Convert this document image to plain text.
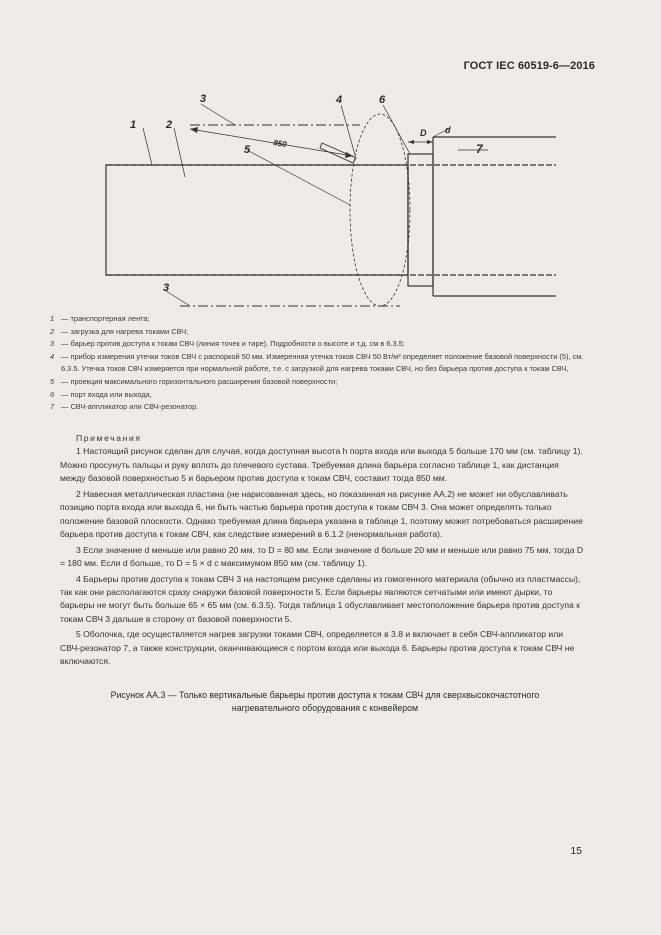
ГОСТ IEC 60519-6—2016
1	2
3	4
5
6
7
3
850
D d
1 — транспортерная лента;
2 — загрузка для нагрева токами СВЧ;
3 — барьер против доступа к токам СВЧ (линия точек и тире). Подробности о высоте и т.д. см в 6.3.5;
4 — прибор измерения утечки токов СВЧ с распоркой 50 мм. Измеренная утечка токов СВЧ 50 Вт/м² определяет положение базовой поверхности (5), см. 6.3.5. Утечка токов СВЧ измеряется при нормальной работе, т.е. с загрузкой для нагрева токами СВЧ, но без барьера против доступа к токам СВЧ,
5 — проекция максимального горизонтального расширения базовой поверхности;
6 — порт входа или выхода,
7 — СВЧ-аппликатор или СВЧ-резонатор.
Примечания

1 Настоящий рисунок сделан для случая, когда доступная высота h порта входа или выхода 5 больше 170 мм (см. таблицу 1). Можно просунуть пальцы и руку вплоть до плечевого сустава. Требуемая длина барьера согласно таблице 1, как дистанция между базовой поверхностью 5 и барьером против доступа к токам СВЧ, составит тогда 850 мм.

2 Навесная металлическая пластина (не нарисованная здесь, но показанная на рисунке АА.2) не может ни обуславливать позицию порта входа или выхода 6, ни быть частью барьера против доступа к токам СВЧ 3. Она может определять только положение базовой плоскости. Однако требуемая длина барьера указана в таблице 1, поэтому может потребоваться расширение барьера против доступа к токам СВЧ, как следствие измерений в 6.1.2 (ненормальная работа).

3 Если значение d меньше или равно 20 мм, то D = 80 мм. Если значение d больше 20 мм и меньше или равно 75 мм, тогда D = 180 мм. Если d больше, то D = 5 × d с максимумом 850 мм (см. таблицу 1).

4 Барьеры против доступа к токам СВЧ 3 на настоящем рисунке сделаны из гомогенного материала (обычно из пластмассы), так как они располагаются сразу снаружи базовой поверхности 5. Если барьеры являются сетчатыми или имеют дырки, то барьеры не могут быть больше 65 × 65 мм (см. 6.3.5). Тогда таблица 1 обуславливает местоположение барьера против доступа к токам СВЧ 3 дальше в сторону от базовой поверхности 5.

5 Оболочка, где осуществляется нагрев загрузки токами СВЧ, определяется в 3.8 и включает в себя СВЧ-аппликатор или СВЧ-резонатор 7, а также конструкции, оканчивающиеся с портом входа или выхода 6. Барьеры против доступа к токам СВЧ не включаются.

Рисунок АА.3 — Только вертикальные барьеры против доступа к токам СВЧ для сверхвысокочастотного
нагревательного оборудования с конвейером
15
